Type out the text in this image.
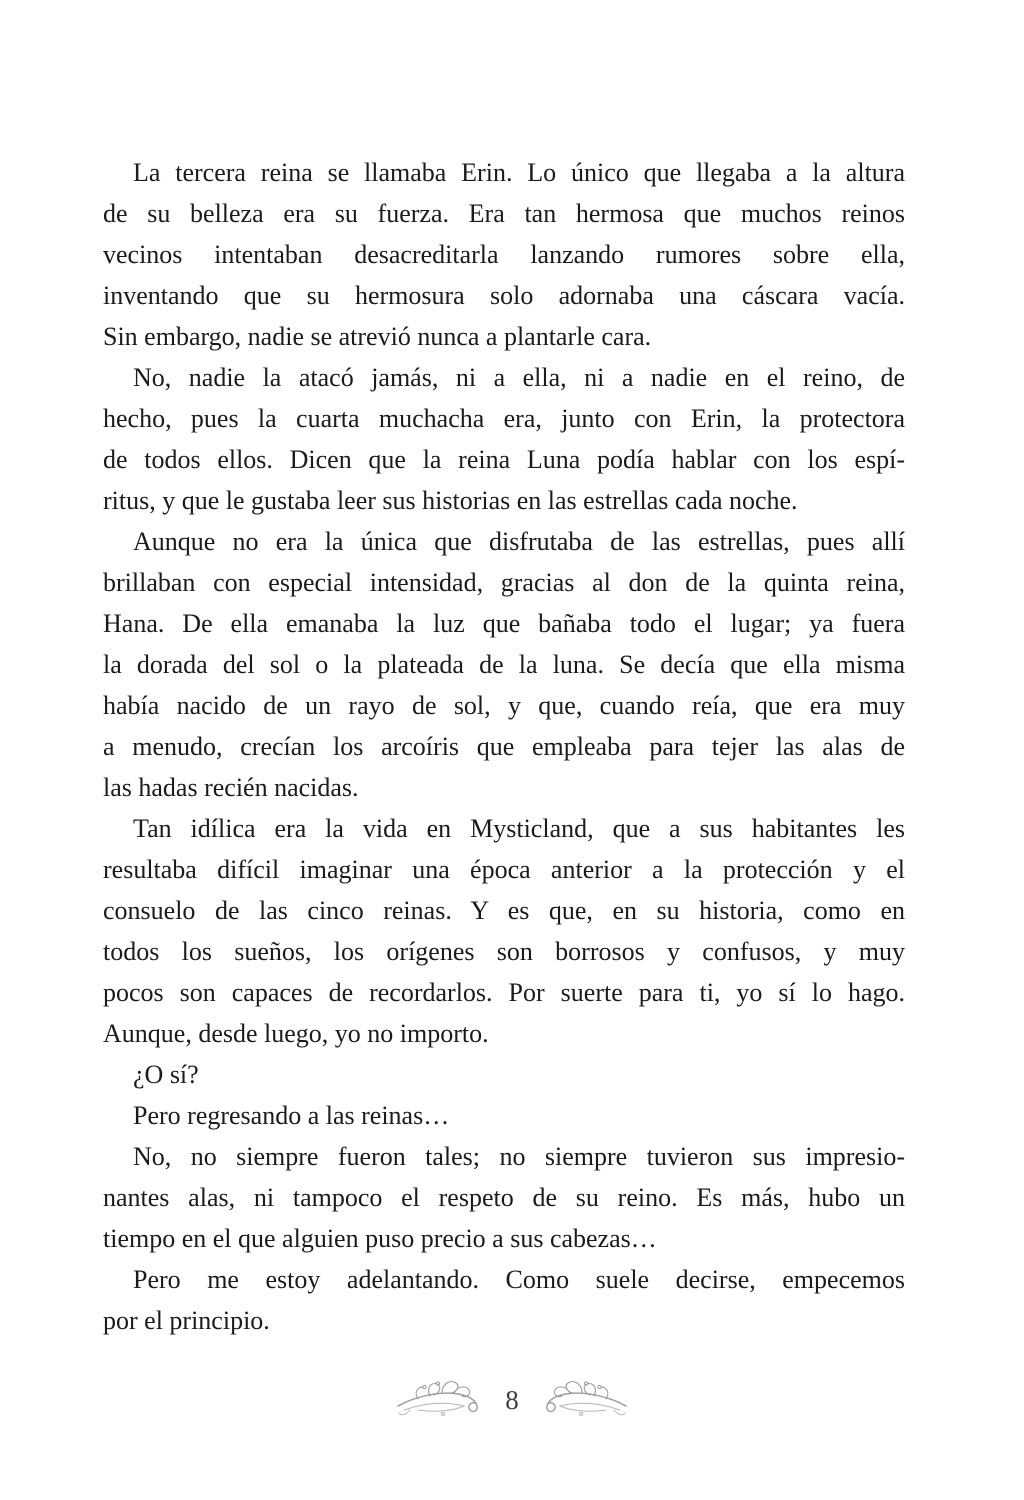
La tercera reina se llamaba Erin. Lo único que llegaba a la altura
de su belleza era su fuerza. Era tan hermosa que muchos reinos
vecinos intentaban desacreditarla lanzando rumores sobre ella,
inventando que su hermosura solo adornaba una cáscara vacía.
Sin embargo, nadie se atrevió nunca a plantarle cara.
No, nadie la atacó jamás, ni a ella, ni a nadie en el reino, de
hecho, pues la cuarta muchacha era, junto con Erin, la protectora
de todos ellos. Dicen que la reina Luna podía hablar con los espí-
ritus, y que le gustaba leer sus historias en las estrellas cada noche.
Aunque no era la única que disfrutaba de las estrellas, pues allí
brillaban con especial intensidad, gracias al don de la quinta reina,
Hana. De ella emanaba la luz que bañaba todo el lugar; ya fuera
la dorada del sol o la plateada de la luna. Se decía que ella misma
había nacido de un rayo de sol, y que, cuando reía, que era muy
a menudo, crecían los arcoíris que empleaba para tejer las alas de
las hadas recién nacidas.
Tan idílica era la vida en Mysticland, que a sus habitantes les
resultaba difícil imaginar una época anterior a la protección y el
consuelo de las cinco reinas. Y es que, en su historia, como en
todos los sueños, los orígenes son borrosos y confusos, y muy
pocos son capaces de recordarlos. Por suerte para ti, yo sí lo hago.
Aunque, desde luego, yo no importo.
¿O sí?
Pero regresando a las reinas…
No, no siempre fueron tales; no siempre tuvieron sus impresio-
nantes alas, ni tampoco el respeto de su reino. Es más, hubo un
tiempo en el que alguien puso precio a sus cabezas…
Pero me estoy adelantando. Como suele decirse, empecemos
por el principio.
8
